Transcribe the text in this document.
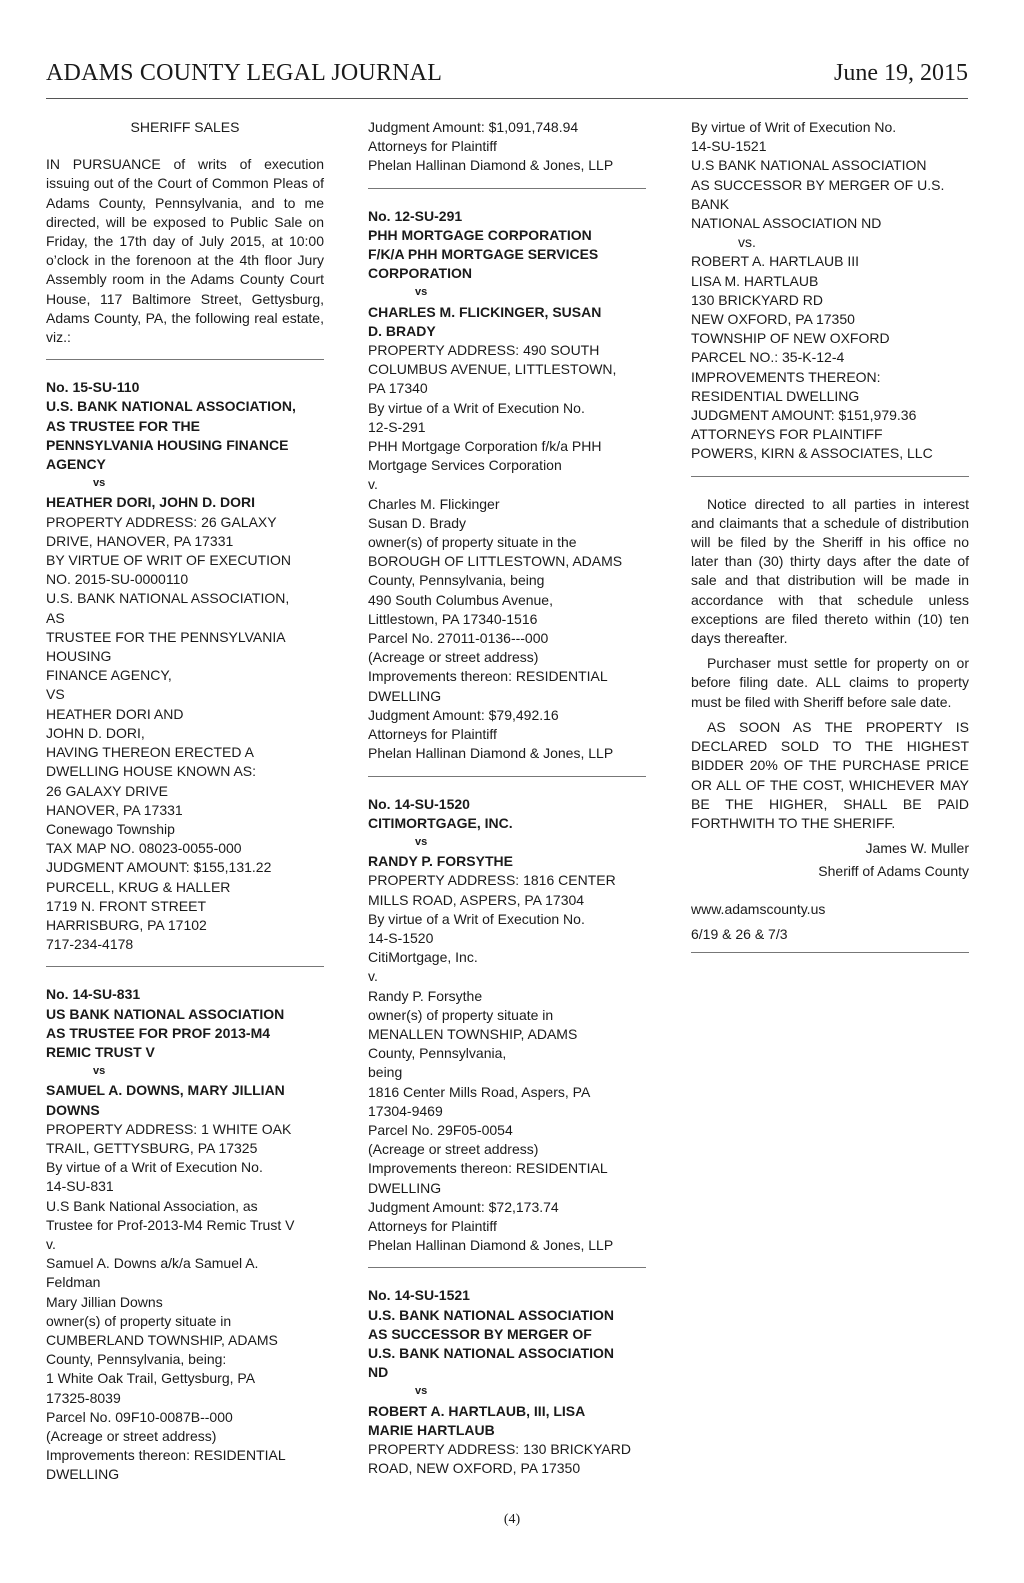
ADAMS COUNTY LEGAL JOURNAL	June 19, 2015
SHERIFF SALES

IN PURSUANCE of writs of execution issuing out of the Court of Common Pleas of Adams County, Pennsylvania, and to me directed, will be exposed to Public Sale on Friday, the 17th day of July 2015, at 10:00 o’clock in the forenoon at the 4th floor Jury Assembly room in the Adams County Court House, 117 Baltimore Street, Gettysburg, Adams County, PA, the following real estate, viz.:

No. 15-SU-110
U.S. BANK NATIONAL ASSOCIATION,
AS TRUSTEE FOR THE
PENNSYLVANIA HOUSING FINANCE
AGENCY
vs
HEATHER DORI, JOHN D. DORI
PROPERTY ADDRESS: 26 GALAXY
DRIVE, HANOVER, PA 17331
BY VIRTUE OF WRIT OF EXECUTION
NO. 2015-SU-0000110
U.S. BANK NATIONAL ASSOCIATION,
AS
TRUSTEE FOR THE PENNSYLVANIA
HOUSING
FINANCE AGENCY,
VS
HEATHER DORI AND
JOHN D. DORI,
HAVING THEREON ERECTED A
DWELLING HOUSE KNOWN AS:
26 GALAXY DRIVE
HANOVER, PA 17331
Conewago Township
TAX MAP NO. 08023-0055-000
JUDGMENT AMOUNT: $155,131.22
PURCELL, KRUG & HALLER
1719 N. FRONT STREET
HARRISBURG, PA 17102
717-234-4178
No. 14-SU-831
US BANK NATIONAL ASSOCIATION
AS TRUSTEE FOR PROF 2013-M4
REMIC TRUST V
vs
SAMUEL A. DOWNS, MARY JILLIAN
DOWNS
PROPERTY ADDRESS: 1 WHITE OAK
TRAIL, GETTYSBURG, PA 17325
By virtue of a Writ of Execution No.
14-SU-831
U.S Bank National Association, as
Trustee for Prof-2013-M4 Remic Trust V
v.
Samuel A. Downs a/k/a Samuel A.
Feldman
Mary Jillian Downs
owner(s) of property situate in
CUMBERLAND TOWNSHIP, ADAMS
County, Pennsylvania, being:
1 White Oak Trail, Gettysburg, PA
17325-8039
Parcel No. 09F10-0087B--000
(Acreage or street address)
Improvements thereon: RESIDENTIAL
DWELLING
Judgment Amount: $1,091,748.94
Attorneys for Plaintiff
Phelan Hallinan Diamond & Jones, LLP
No. 12-SU-291
PHH MORTGAGE CORPORATION
F/K/A PHH MORTGAGE SERVICES
CORPORATION
vs
CHARLES M. FLICKINGER, SUSAN
D. BRADY
PROPERTY ADDRESS: 490 SOUTH
COLUMBUS AVENUE, LITTLESTOWN,
PA 17340
By virtue of a Writ of Execution No.
12-S-291
PHH Mortgage Corporation f/k/a PHH
Mortgage Services Corporation
v.
Charles M. Flickinger
Susan D. Brady
owner(s) of property situate in the
BOROUGH OF LITTLESTOWN, ADAMS
County, Pennsylvania, being
490 South Columbus Avenue,
Littlestown, PA 17340-1516
Parcel No. 27011-0136---000
(Acreage or street address)
Improvements thereon: RESIDENTIAL
DWELLING
Judgment Amount: $79,492.16
Attorneys for Plaintiff
Phelan Hallinan Diamond & Jones, LLP
No. 14-SU-1520
CITIMORTGAGE, INC.
vs
RANDY P. FORSYTHE
PROPERTY ADDRESS: 1816 CENTER
MILLS ROAD, ASPERS, PA 17304
By virtue of a Writ of Execution No.
14-S-1520
CitiMortgage, Inc.
v.
Randy P. Forsythe
owner(s) of property situate in
MENALLEN TOWNSHIP, ADAMS
County, Pennsylvania,
being
1816 Center Mills Road, Aspers, PA
17304-9469
Parcel No. 29F05-0054
(Acreage or street address)
Improvements thereon: RESIDENTIAL
DWELLING
Judgment Amount: $72,173.74
Attorneys for Plaintiff
Phelan Hallinan Diamond & Jones, LLP
No. 14-SU-1521
U.S. BANK NATIONAL ASSOCIATION
AS SUCCESSOR BY MERGER OF
U.S. BANK NATIONAL ASSOCIATION
ND
vs
ROBERT A. HARTLAUB, III, LISA
MARIE HARTLAUB
PROPERTY ADDRESS: 130 BRICKYARD
ROAD, NEW OXFORD, PA 17350
By virtue of Writ of Execution No.
14-SU-1521
U.S BANK NATIONAL ASSOCIATION
AS SUCCESSOR BY MERGER OF U.S.
BANK
NATIONAL ASSOCIATION ND
vs.
ROBERT A. HARTLAUB III
LISA M. HARTLAUB
130 BRICKYARD RD
NEW OXFORD, PA 17350
TOWNSHIP OF NEW OXFORD
PARCEL NO.: 35-K-12-4
IMPROVEMENTS THEREON:
RESIDENTIAL DWELLING
JUDGMENT AMOUNT: $151,979.36
ATTORNEYS FOR PLAINTIFF
POWERS, KIRN & ASSOCIATES, LLC

Notice directed to all parties in interest and claimants that a schedule of distribution will be filed by the Sheriff in his office no later than (30) thirty days after the date of sale and that distribution will be made in accordance with that schedule unless exceptions are filed thereto within (10) ten days thereafter.

Purchaser must settle for property on or before filing date. ALL claims to property must be filed with Sheriff before sale date.

AS SOON AS THE PROPERTY IS DECLARED SOLD TO THE HIGHEST BIDDER 20% OF THE PURCHASE PRICE OR ALL OF THE COST, WHICHEVER MAY BE THE HIGHER, SHALL BE PAID FORTHWITH TO THE SHERIFF.

James W. Muller
Sheriff of Adams County
www.adamscounty.us
6/19 & 26 & 7/3
(4)
